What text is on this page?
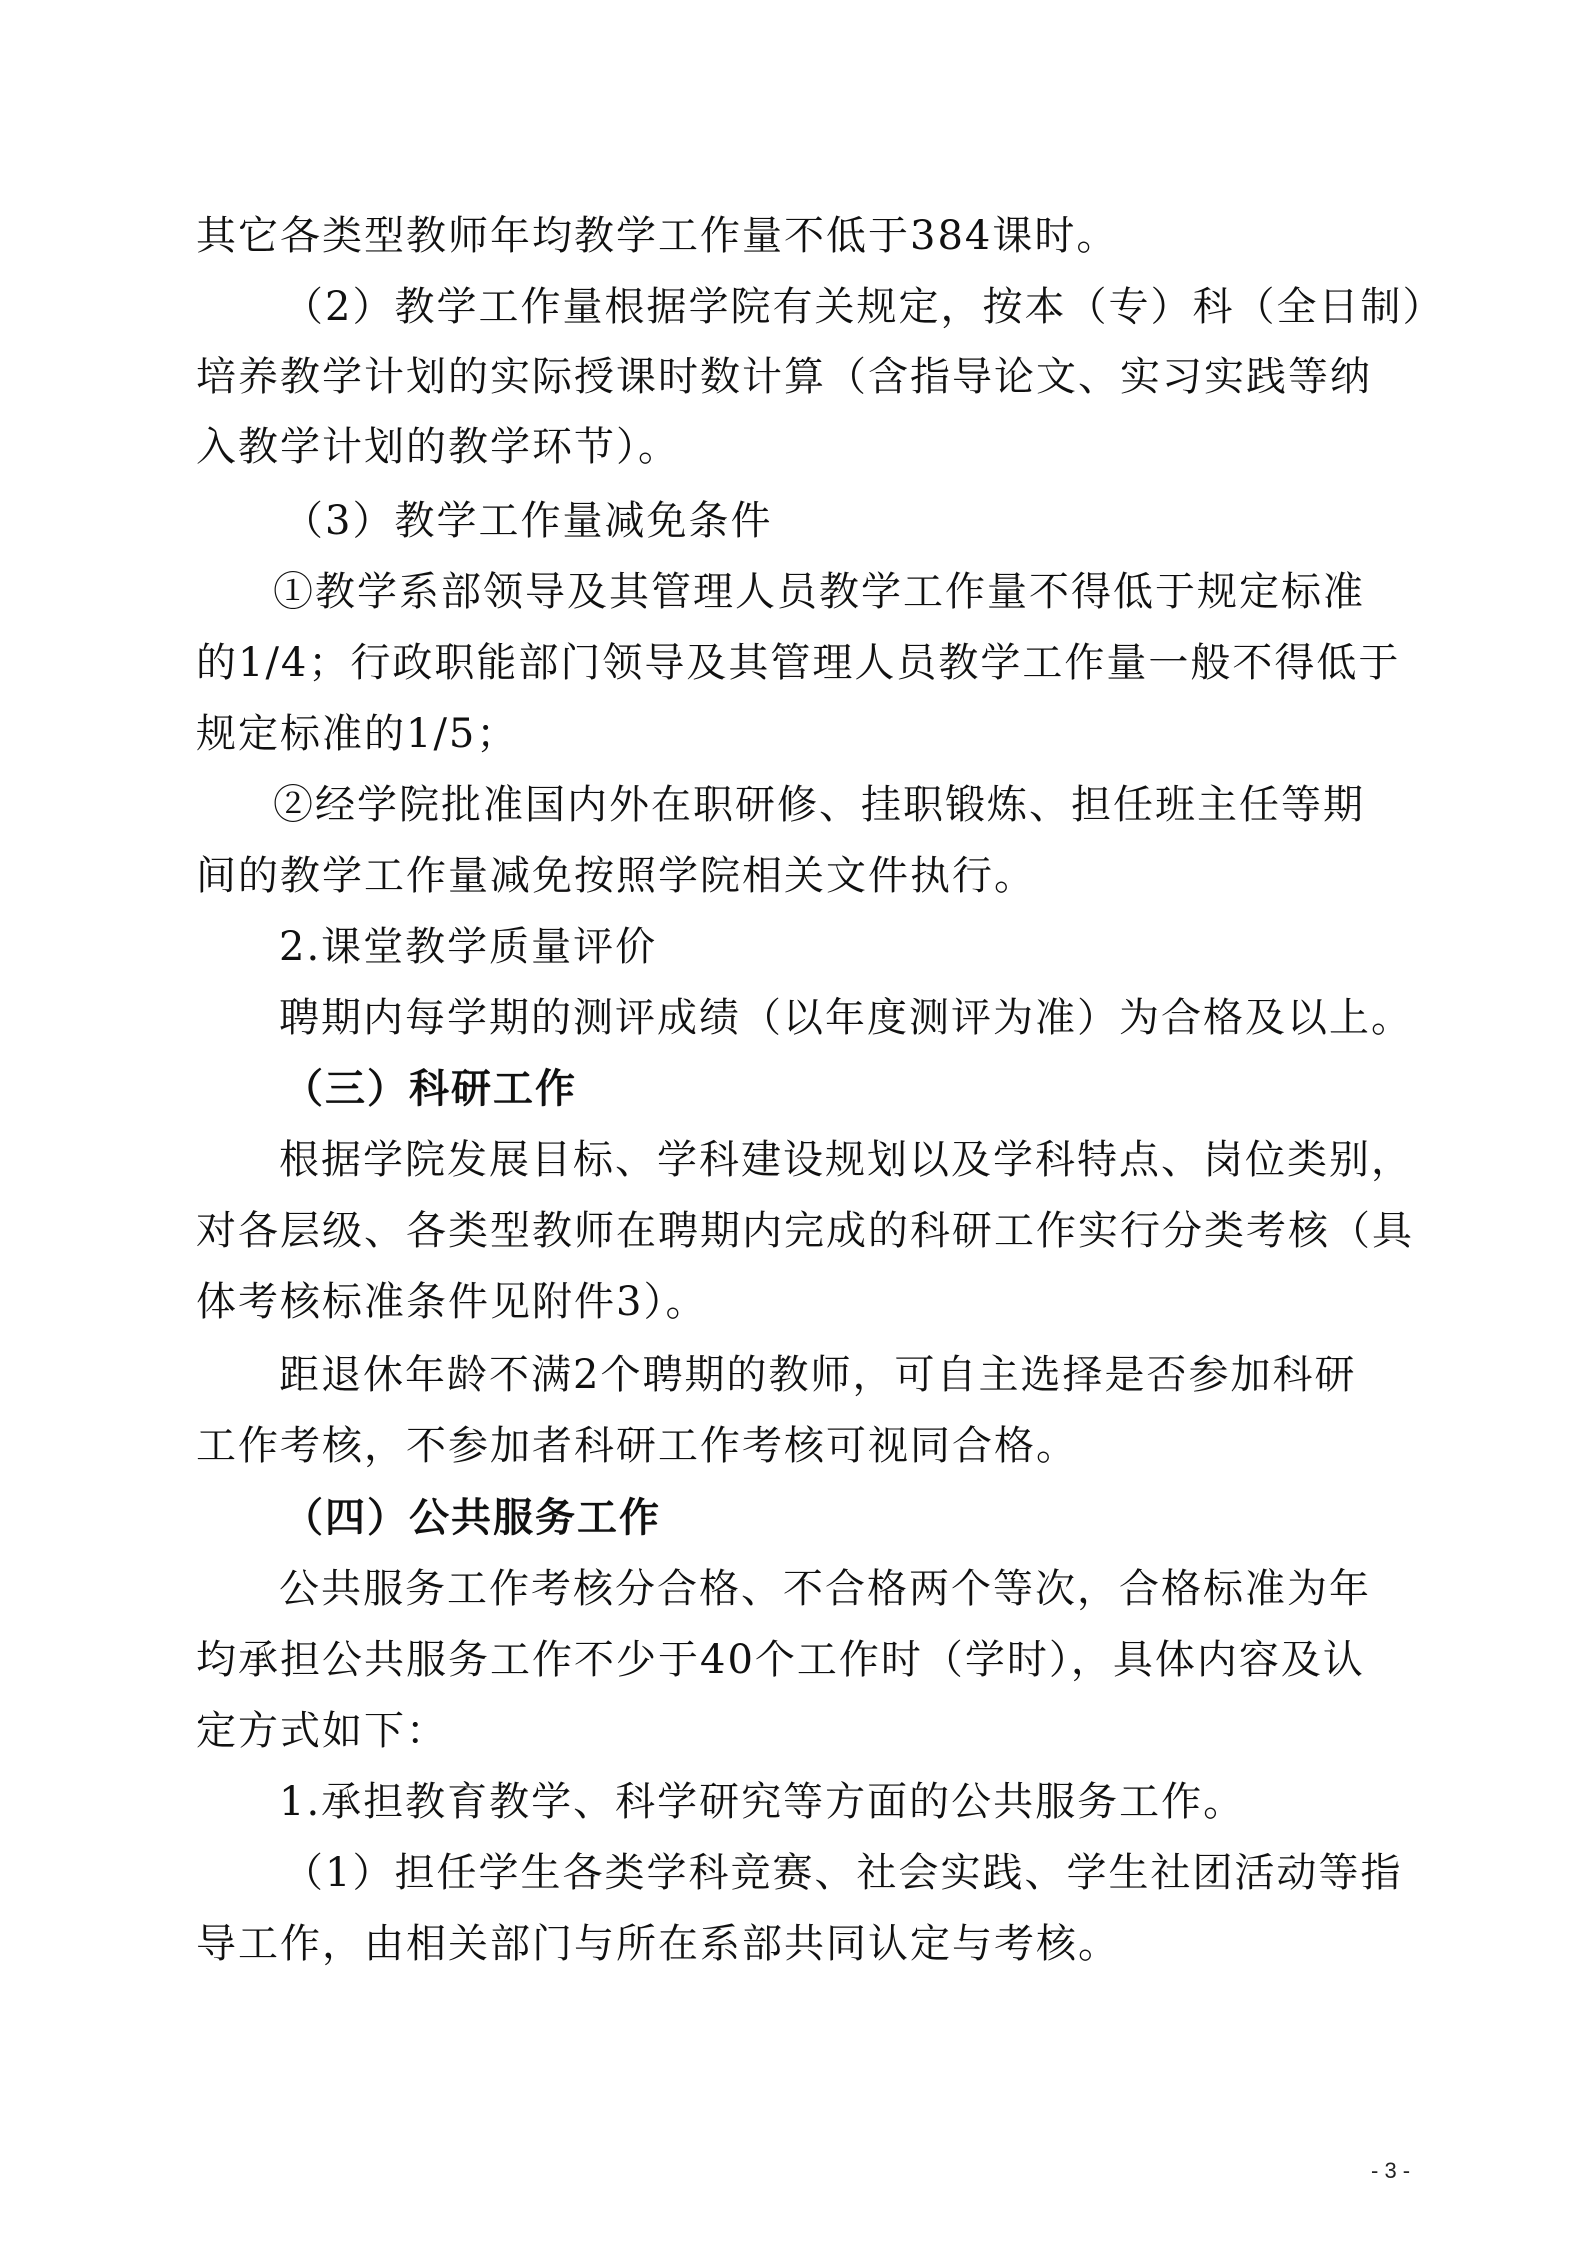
其它各类型教师年均教学工作量不低于384课时。
（2）教学工作量根据学院有关规定，按本（专）科（全日制）
培养教学计划的实际授课时数计算（含指导论文、实习实践等纳
入教学计划的教学环节）。
（3）教学工作量减免条件
①教学系部领导及其管理人员教学工作量不得低于规定标准
的1/4；行政职能部门领导及其管理人员教学工作量一般不得低于
规定标准的1/5；
②经学院批准国内外在职研修、挂职锻炼、担任班主任等期
间的教学工作量减免按照学院相关文件执行。
2.课堂教学质量评价
聘期内每学期的测评成绩（以年度测评为准）为合格及以上。
（三）科研工作
根据学院发展目标、学科建设规划以及学科特点、岗位类别，
对各层级、各类型教师在聘期内完成的科研工作实行分类考核（具
体考核标准条件见附件3）。
距退休年龄不满2个聘期的教师，可自主选择是否参加科研
工作考核，不参加者科研工作考核可视同合格。
（四）公共服务工作
公共服务工作考核分合格、不合格两个等次，合格标准为年
均承担公共服务工作不少于40个工作时（学时），具体内容及认
定方式如下：
1.承担教育教学、科学研究等方面的公共服务工作。
（1）担任学生各类学科竞赛、社会实践、学生社团活动等指
导工作，由相关部门与所在系部共同认定与考核。
- 3 -
